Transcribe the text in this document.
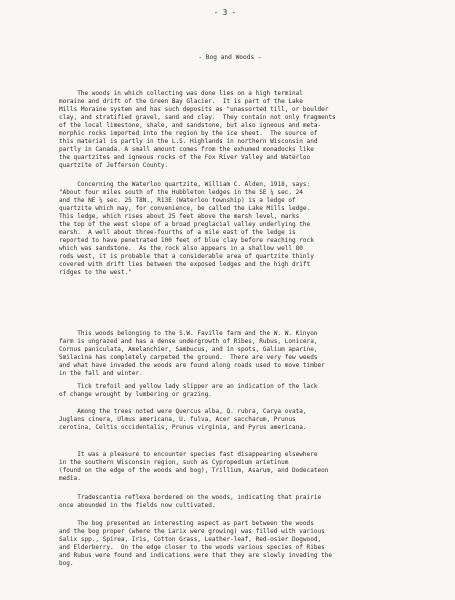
- 3 -
- Bog and Woods -
The woods in which collecting was done lies on a high terminal
moraine and drift of the Green Bay Glacier.  It is part of the Lake
Mills Moraine system and has such deposits as "unassorted till, or boulder
clay, and stratified gravel, sand and clay.  They contain not only fragments
of the local limestone, shale, and sandstone, but also igneous and meta-
morphic rocks imported into the region by the ice sheet.  The source of
this material is partly in the L.S. Highlands in northern Wisconsin and
partly in Canada. A small amount comes from the exhumed monadocks like
the quartzites and igneous rocks of the Fox River Valley and Waterloo
quartzite of Jefferson County.
Concerning the Waterloo quartzite, William C. Alden, 1918, says:
"About four miles south of the Hubbleton ledges in the SE ¼ sec. 24
and the NE ¼ sec. 25 T8N., R13E (Waterloo township) is a ledge of
quartzite which may, for convenience, be called the Lake Mills ledge.
This ledge, which rises about 25 feet above the marsh level, marks
the top of the west slope of a broad preglacial valley underlying the
marsh.  A well about three-fourths of a mile east of the ledge is
reported to have penetrated 100 feet of blue clay before reaching rock
which was sandstone.  As the rock also appears in a shallow well 80
rods west, it is probable that a considerable area of quartzite thinly
covered with drift lies between the exposed ledges and the high drift
ridges to the west."
This woods belonging to the S.W. Faville farm and the W. W. Kinyon
farm is ungrazed and has a dense undergrowth of Ribes, Rubus, Lonicera,
Cornus paniculata, Amelanchier, Sambucus, and in spots, Galium aparine,
Smilacina has completely carpeted the ground.  There are very few weeds
and what have invaded the woods are found along roads used to move timber
in the fall and winter.
Tick trefoil and yellow lady slipper are an indication of the lack
of change wrought by lumbering or grazing.
Among the trees noted were Quercus alba, Q. rubra, Carya ovata,
Juglans cinera, Ulmus americana, U. fulva, Acer saccharum, Prunus
cerotina, Celtis occidentalis, Prunus virginia, and Pyrus americana.
It was a pleasure to encounter species fast disappearing elsewhere
in the southern Wisconsin region, such as Cypropedium arietinum
(found on the edge of the woods and bog), Trillium, Asarum, and Dodecateon
media.
Tradescantia reflexa bordered on the woods, indicating that prairie
once abounded in the fields now cultivated.
The bog presented an interesting aspect as part between the woods
and the bog proper (where the Larix were growing) was filled with various
Salix spp., Spirea, Iris, Cotton Grass, Leather-leaf, Red-osier Dogwood,
and Elderberry.  On the edge closer to the woods various species of Ribes
and Rubus were found and indications were that they are slowly invading the
bog.
